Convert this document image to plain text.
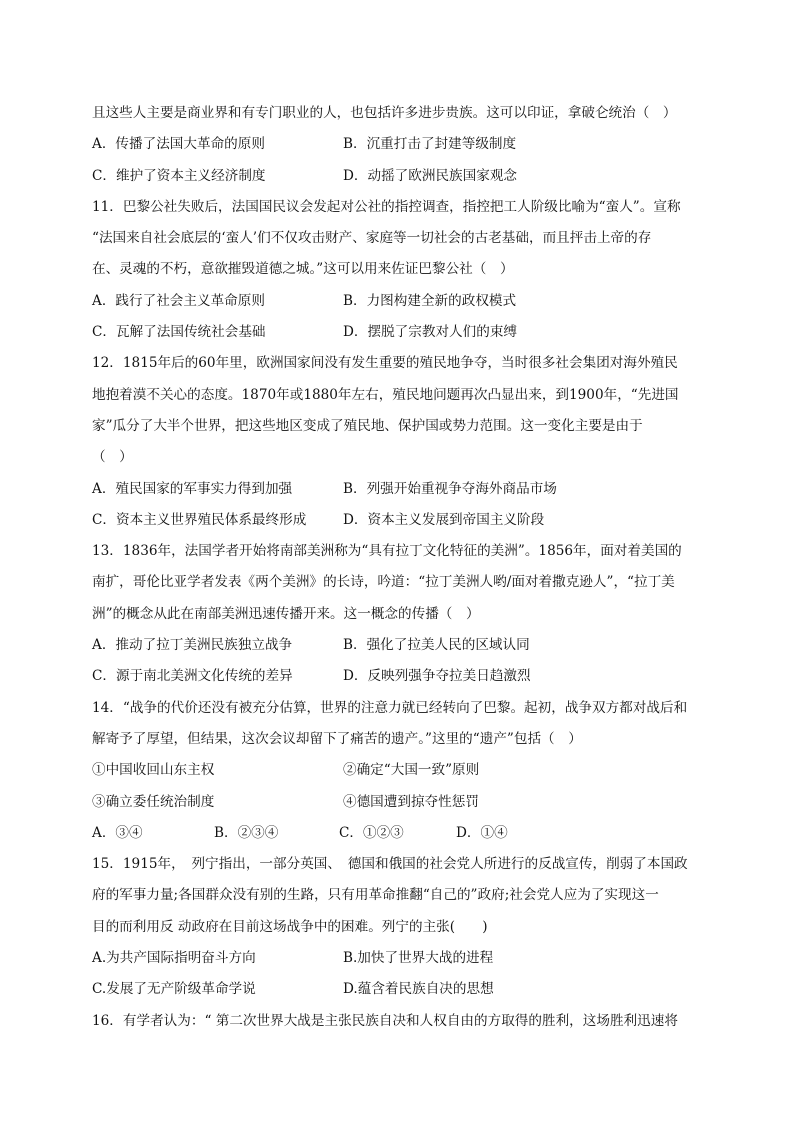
且这些人主要是商业界和有专门职业的人，也包括许多进步贵族。这可以印证，拿破仑统治（　）
A．传播了法国大革命的原则	B．沉重打击了封建等级制度
C．维护了资本主义经济制度	D．动摇了欧洲民族国家观念
11．巴黎公社失败后，法国国民议会发起对公社的指控调查，指控把工人阶级比喻为“蛮人”。宣称
“法国来自社会底层的‘蛮人’们不仅攻击财产、家庭等一切社会的古老基础，而且抨击上帝的存
在、灵魂的不朽，意欲摧毁道德之城。”这可以用来佐证巴黎公社（　）
A．践行了社会主义革命原则	B．力图构建全新的政权模式
C．瓦解了法国传统社会基础	D．摆脱了宗教对人们的束缚
12．1815年后的60年里，欧洲国家间没有发生重要的殖民地争夺，当时很多社会集团对海外殖民
地抱着漠不关心的态度。1870年或1880年左右，殖民地问题再次凸显出来，到1900年，“先进国
家”瓜分了大半个世界，把这些地区变成了殖民地、保护国或势力范围。这一变化主要是由于
（　）
A．殖民国家的军事实力得到加强	B．列强开始重视争夺海外商品市场
C．资本主义世界殖民体系最终形成	D．资本主义发展到帝国主义阶段
13．1836年，法国学者开始将南部美洲称为“具有拉丁文化特征的美洲”。1856年，面对着美国的
南扩，哥伦比亚学者发表《两个美洲》的长诗，吟道：“拉丁美洲人哟/面对着撒克逊人”，“拉丁美
洲”的概念从此在南部美洲迅速传播开来。这一概念的传播（　）
A．推动了拉丁美洲民族独立战争	B．强化了拉美人民的区域认同
C．源于南北美洲文化传统的差异	D．反映列强争夺拉美日趋激烈
14．“战争的代价还没有被充分估算，世界的注意力就已经转向了巴黎。起初，战争双方都对战后和
解寄予了厚望，但结果，这次会议却留下了痛苦的遗产。”这里的“遗产”包括（　）
①中国收回山东主权	②确定“大国一致”原则
③确立委任统治制度	④德国遭到掠夺性惩罚
A．③④	B．②③④	C．①②③	D．①④
15．1915年，　列宁指出，一部分英国、　德国和俄国的社会党人所进行的反战宣传，削弱了本国政
府的军事力量;各国群众没有别的生路，只有用革命推翻“自己的”政府;社会党人应为了实现这一
目的而利用反 动政府在目前这场战争中的困难。列宁的主张(　　)
A.为共产国际指明奋斗方向	B.加快了世界大战的进程
C.发展了无产阶级革命学说	D.蕴含着民族自决的思想
16．有学者认为：“ 第二次世界大战是主张民族自决和人权自由的方取得的胜利，这场胜利迅速将
